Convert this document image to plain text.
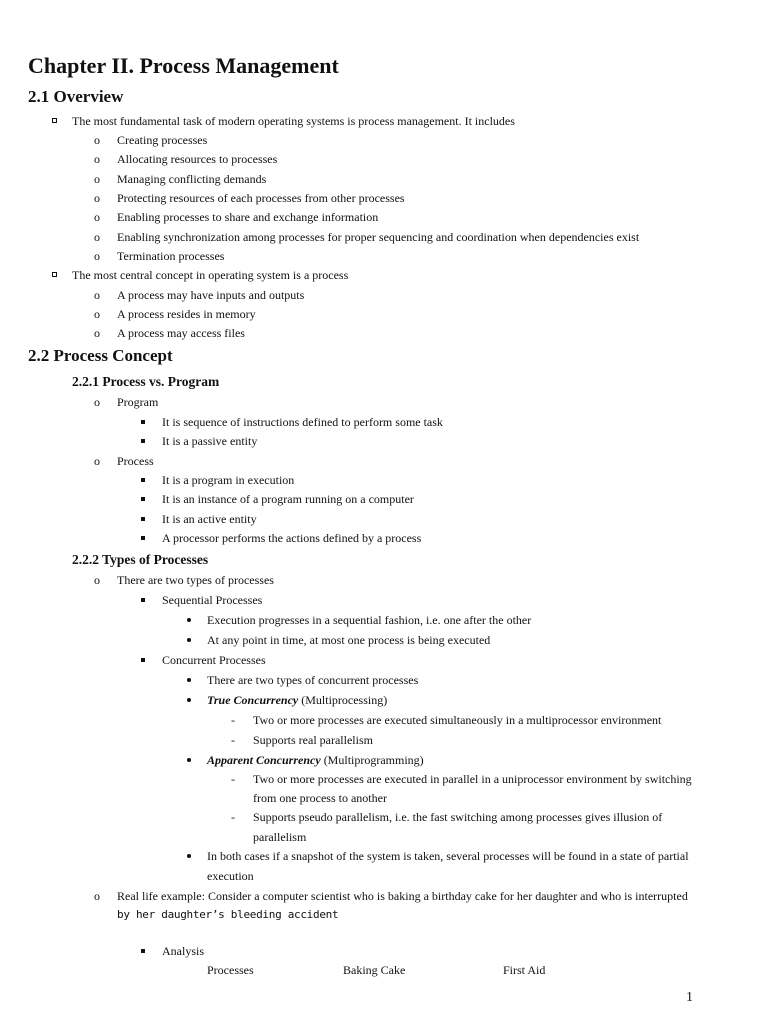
Chapter II. Process Management
2.1 Overview
The most fundamental task of modern operating systems is process management. It includes
o Creating processes
o Allocating resources to processes
o Managing conflicting demands
o Protecting resources of each processes from other processes
o Enabling processes to share and exchange information
o Enabling synchronization among processes for proper sequencing and coordination when dependencies exist
o Termination processes
The most central concept in operating system is a process
o A process may have inputs and outputs
o A process resides in memory
o A process may access files
2.2 Process Concept
2.2.1 Process vs. Program
o Program
It is sequence of instructions defined to perform some task
It is a passive entity
o Process
It is a program in execution
It is an instance of a program running on a computer
It is an active entity
A processor performs the actions defined by a process
2.2.2 Types of Processes
o There are two types of processes
Sequential Processes
Execution progresses in a sequential fashion, i.e. one after the other
At any point in time, at most one process is being executed
Concurrent Processes
There are two types of concurrent processes
True Concurrency (Multiprocessing)
- Two or more processes are executed simultaneously in a multiprocessor environment
- Supports real parallelism
Apparent Concurrency (Multiprogramming)
- Two or more processes are executed in parallel in a uniprocessor environment by switching
from one process to another
- Supports pseudo parallelism, i.e. the fast switching among processes gives illusion of
parallelism
In both cases if a snapshot of the system is taken, several processes will be found in a state of partial
execution
o Real life example: Consider a computer scientist who is baking a birthday cake for her daughter and who is interrupted
by her daughter’s bleeding accident
Analysis
Processes	Baking Cake	First Aid
1
